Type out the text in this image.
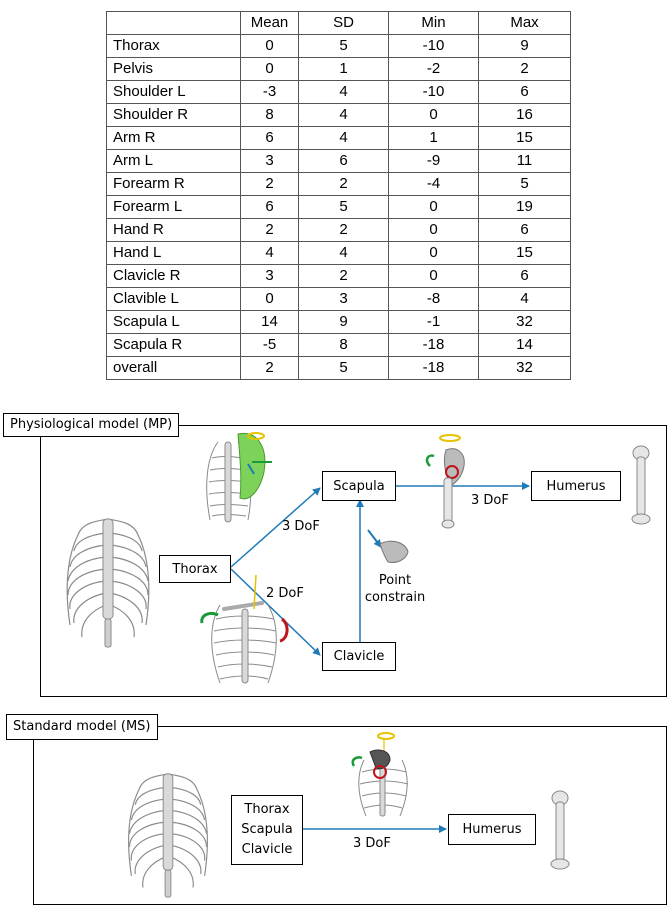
	Mean	SD	Min	Max
Thorax	0	5	-10	9
Pelvis	0	1	-2	2
Shoulder L	-3	4	-10	6
Shoulder R	8	4	0	16
Arm R	6	4	1	15
Arm L	3	6	-9	11
Forearm R	2	2	-4	5
Forearm L	6	5	0	19
Hand R	2	2	0	6
Hand L	4	4	0	15
Clavicle R	3	2	0	6
Clavible L	0	3	-8	4
Scapula L	14	9	-1	32
Scapula R	-5	8	-18	14
overall	2	5	-18	32
Physiological model (MP)
Standard model (MS)
Thorax
Scapula
Clavicle
Humerus
3 DoF
2 DoF
3 DoF
Point
constrain
Thorax
Scapula
Clavicle
Humerus
3 DoF
